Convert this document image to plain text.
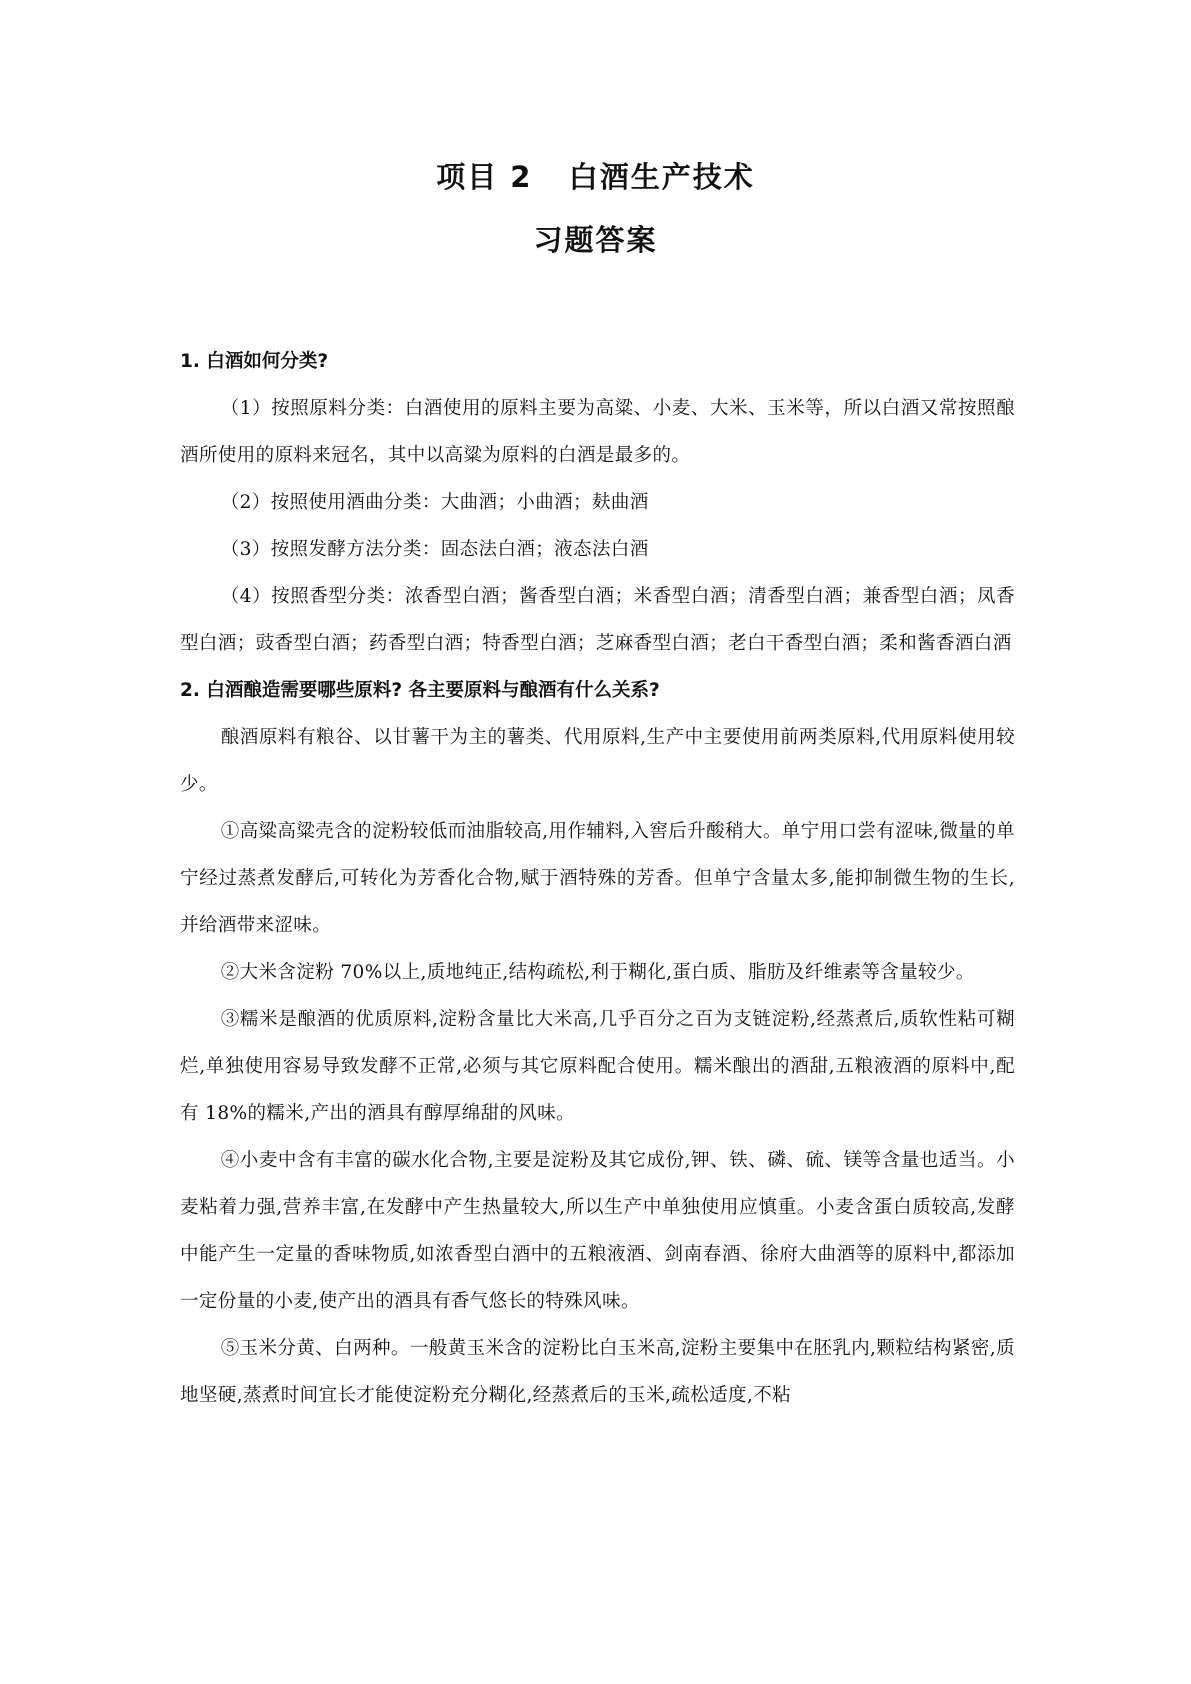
项目 2   白酒生产技术
习题答案

1. 白酒如何分类?

（1）按照原料分类：白酒使用的原料主要为高粱、小麦、大米、玉米等，所以白酒又常按照酿酒所使用的原料来冠名，其中以高粱为原料的白酒是最多的。

（2）按照使用酒曲分类：大曲酒；小曲酒；麸曲酒

（3）按照发酵方法分类：固态法白酒；液态法白酒

（4）按照香型分类：浓香型白酒；酱香型白酒；米香型白酒；清香型白酒；兼香型白酒；凤香型白酒；豉香型白酒；药香型白酒；特香型白酒；芝麻香型白酒；老白干香型白酒；柔和酱香酒白酒

2. 白酒酿造需要哪些原料? 各主要原料与酿酒有什么关系?

酿酒原料有粮谷、以甘薯干为主的薯类、代用原料,生产中主要使用前两类原料,代用原料使用较少。

①高粱高粱壳含的淀粉较低而油脂较高,用作辅料,入窖后升酸稍大。单宁用口尝有涩味,微量的单宁经过蒸煮发酵后,可转化为芳香化合物,赋于酒特殊的芳香。但单宁含量太多,能抑制微生物的生长,并给酒带来涩味。

②大米含淀粉 70%以上,质地纯正,结构疏松,利于糊化,蛋白质、脂肪及纤维素等含量较少。

③糯米是酿酒的优质原料,淀粉含量比大米高,几乎百分之百为支链淀粉,经蒸煮后,质软性粘可糊烂,单独使用容易导致发酵不正常,必须与其它原料配合使用。糯米酿出的酒甜,五粮液酒的原料中,配有 18%的糯米,产出的酒具有醇厚绵甜的风味。

④小麦中含有丰富的碳水化合物,主要是淀粉及其它成份,钾、铁、磷、硫、镁等含量也适当。小麦粘着力强,营养丰富,在发酵中产生热量较大,所以生产中单独使用应慎重。小麦含蛋白质较高,发酵中能产生一定量的香味物质,如浓香型白酒中的五粮液酒、剑南春酒、徐府大曲酒等的原料中,都添加一定份量的小麦,使产出的酒具有香气悠长的特殊风味。

⑤玉米分黄、白两种。一般黄玉米含的淀粉比白玉米高,淀粉主要集中在胚乳内,颗粒结构紧密,质地坚硬,蒸煮时间宜长才能使淀粉充分糊化,经蒸煮后的玉米,疏松适度,不粘
